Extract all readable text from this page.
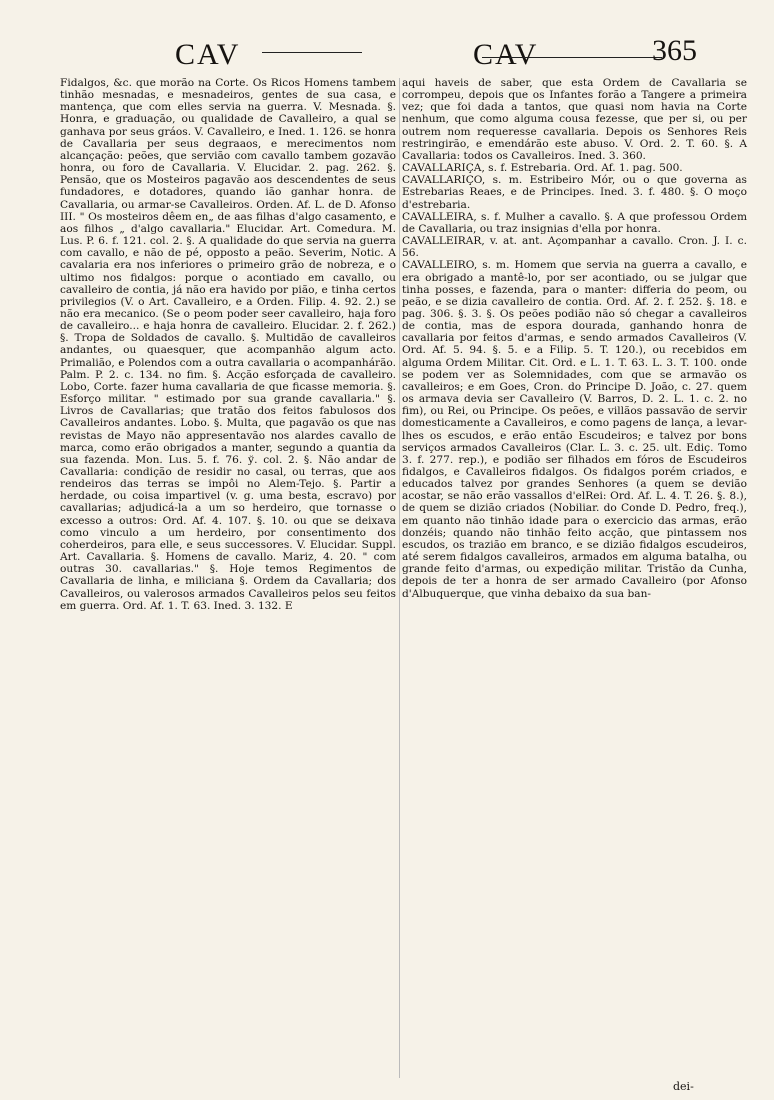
CAV	CAV	365

Fidalgos, &c. que morão na Corte. Os Ricos Homens tambem tinhão mesnadas, e mesnadeiros, gentes de sua casa, e mantença, que com elles servia na guerra. V. Mesnada. §. Honra, e graduação, ou qualidade de Cavalleiro, a qual se ganhava por seus gráos. V. Cavalleiro, e Ined. 1. 126. se honra de Cavallaria per seus degraaos, e merecimentos nom alcançação: peões, que servião com cavallo tambem gozavão honra, ou foro de Cavallaria. V. Elucidar. 2. pag. 262. §. Pensão, que os Mosteiros pagavão aos descendentes de seus fundadores, e dotadores, quando ião ganhar honra. de Cavallaria, ou armar-se Cavalleiros. Orden. Af. L. de D. Afonso III. " Os mosteiros dêem en„ de aas filhas d'algo casamento, e aos filhos „ d'algo cavallaria." Elucidar. Art. Comedura. M. Lus. P. 6. f. 121. col. 2. §. A qualidade do que servia na guerra com cavallo, e não de pé, opposto a peão. Severim, Notic. A cavalaria era nos inferiores o primeiro grão de nobreza, e o ultimo nos fidalgos: porque o acontiado em cavallo, ou cavalleiro de contia, já não era havido por pião, e tinha certos privilegios (V. o Art. Cavalleiro, e a Orden. Filip. 4. 92. 2.) se não era mecanico. (Se o peom poder seer cavalleiro, haja foro de cavalleiro... e haja honra de cavalleiro. Elucidar. 2. f. 262.) §. Tropa de Soldados de cavallo. §. Multidão de cavalleiros andantes, ou quaesquer, que acompanhão algum acto. Primalião, e Polendos com a outra cavallaria o acompanhárão. Palm. P. 2. c. 134. no fim. §. Acção esforçada de cavalleiro. Lobo, Corte. fazer huma cavallaria de que ficasse memoria. §. Esforço militar. " estimado por sua grande cavallaria." §. Livros de Cavallarias; que tratão dos feitos fabulosos dos Cavalleiros andantes. Lobo. §. Multa, que pagavão os que nas revistas de Mayo não appresentavão nos alardes cavallo de marca, como erão obrigados a manter, segundo a quantia da sua fazenda. Mon. Lus. 5. f. 76. ў. col. 2. §. Não andar de Cavallaria: condição de residir no casal, ou terras, que aos rendeiros das terras se impôi no Alem-Tejo. §. Partir a herdade, ou coisa impartivel (v. g. uma besta, escravo) por cavallarias; adjudicá-la a um so herdeiro, que tornasse o excesso a outros: Ord. Af. 4. 107. §. 10. ou que se deixava como vinculo a um herdeiro, por consentimento dos coherdeiros, para elle, e seus successores. V. Elucidar. Suppl. Art. Cavallaria. §. Homens de cavallo. Mariz, 4. 20. " com outras 30. cavallarias." §. Hoje temos Regimentos de Cavallaria de linha, e miliciana §. Ordem da Cavallaria; dos Cavalleiros, ou valerosos armados Cavalleiros pelos seu feitos em guerra. Ord. Af. 1. T. 63. Ined. 3. 132. E

aqui haveis de saber, que esta Ordem de Cavallaria se corrompeu, depois que os Infantes forão a Tangere a primeira vez; que foi dada a tantos, que quasi nom havia na Corte nenhum, que como alguma cousa fezesse, que per si, ou per outrem nom requeresse cavallaria. Depois os Senhores Reis restringirão, e emendárão este abuso. V. Ord. 2. T. 60. §. A Cavallaria: todos os Cavalleiros. Ined. 3. 360.

CAVALLARIÇA, s. f. Estrebaria. Ord. Af. 1. pag. 500.

CAVALLARIÇO, s. m. Estribeiro Mór, ou o que governa as Estrebarias Reaes, e de Principes. Ined. 3. f. 480. §. O moço d'estrebaria.

CAVALLEIRA, s. f. Mulher a cavallo. §. A que professou Ordem de Cavallaria, ou traz insignias d'ella por honra.

CAVALLEIRAR, v. at. ant. Açompanhar a cavallo. Cron. J. I. c. 56.

CAVALLEIRO, s. m. Homem que servia na guerra a cavallo, e era obrigado a mantê-lo, por ser acontiado, ou se julgar que tinha posses, e fazenda, para o manter: differia do peom, ou peão, e se dizia cavalleiro de contia. Ord. Af. 2. f. 252. §. 18. e pag. 306. §. 3. §. Os peões podião não só chegar a cavalleiros de contia, mas de espora dourada, ganhando honra de cavallaria por feitos d'armas, e sendo armados Cavalleiros (V. Ord. Af. 5. 94. §. 5. e a Filip. 5. T. 120.), ou recebidos em alguma Ordem Militar. Cit. Ord. e L. 1. T. 63. L. 3. T. 100. onde se podem ver as Solemnidades, com que se armavão os cavalleiros; e em Goes, Cron. do Principe D. João, c. 27. quem os armava devia ser Cavalleiro (V. Barros, D. 2. L. 1. c. 2. no fim), ou Rei, ou Principe. Os peões, e villãos passavão de servir domesticamente a Cavalleiros, e como pagens de lança, a levar-lhes os escudos, e erão então Escudeiros; e talvez por bons serviços armados Cavalleiros (Clar. L. 3. c. 25. ult. Ediç. Tomo 3. f. 277. rep.), e podião ser filhados em fóros de Escudeiros fidalgos, e Cavalleiros fidalgos. Os fidalgos porém criados, e educados talvez por grandes Senhores (a quem se devião acostar, se não erão vassallos d'elRei: Ord. Af. L. 4. T. 26. §. 8.), de quem se dizião criados (Nobiliar. do Conde D. Pedro, freq.), em quanto não tinhão idade para o exercicio das armas, erão donzéis; quando não tinhão feito acção, que pintassem nos escudos, os trazião em branco, e se dizião fidalgos escudeiros, até serem fidalgos cavalleiros, armados em alguma batalha, ou grande feito d'armas, ou expedição militar. Tristão da Cunha, depois de ter a honra de ser armado Cavalleiro (por Afonso d'Albuquerque, que vinha debaixo da sua ban-

dei-
